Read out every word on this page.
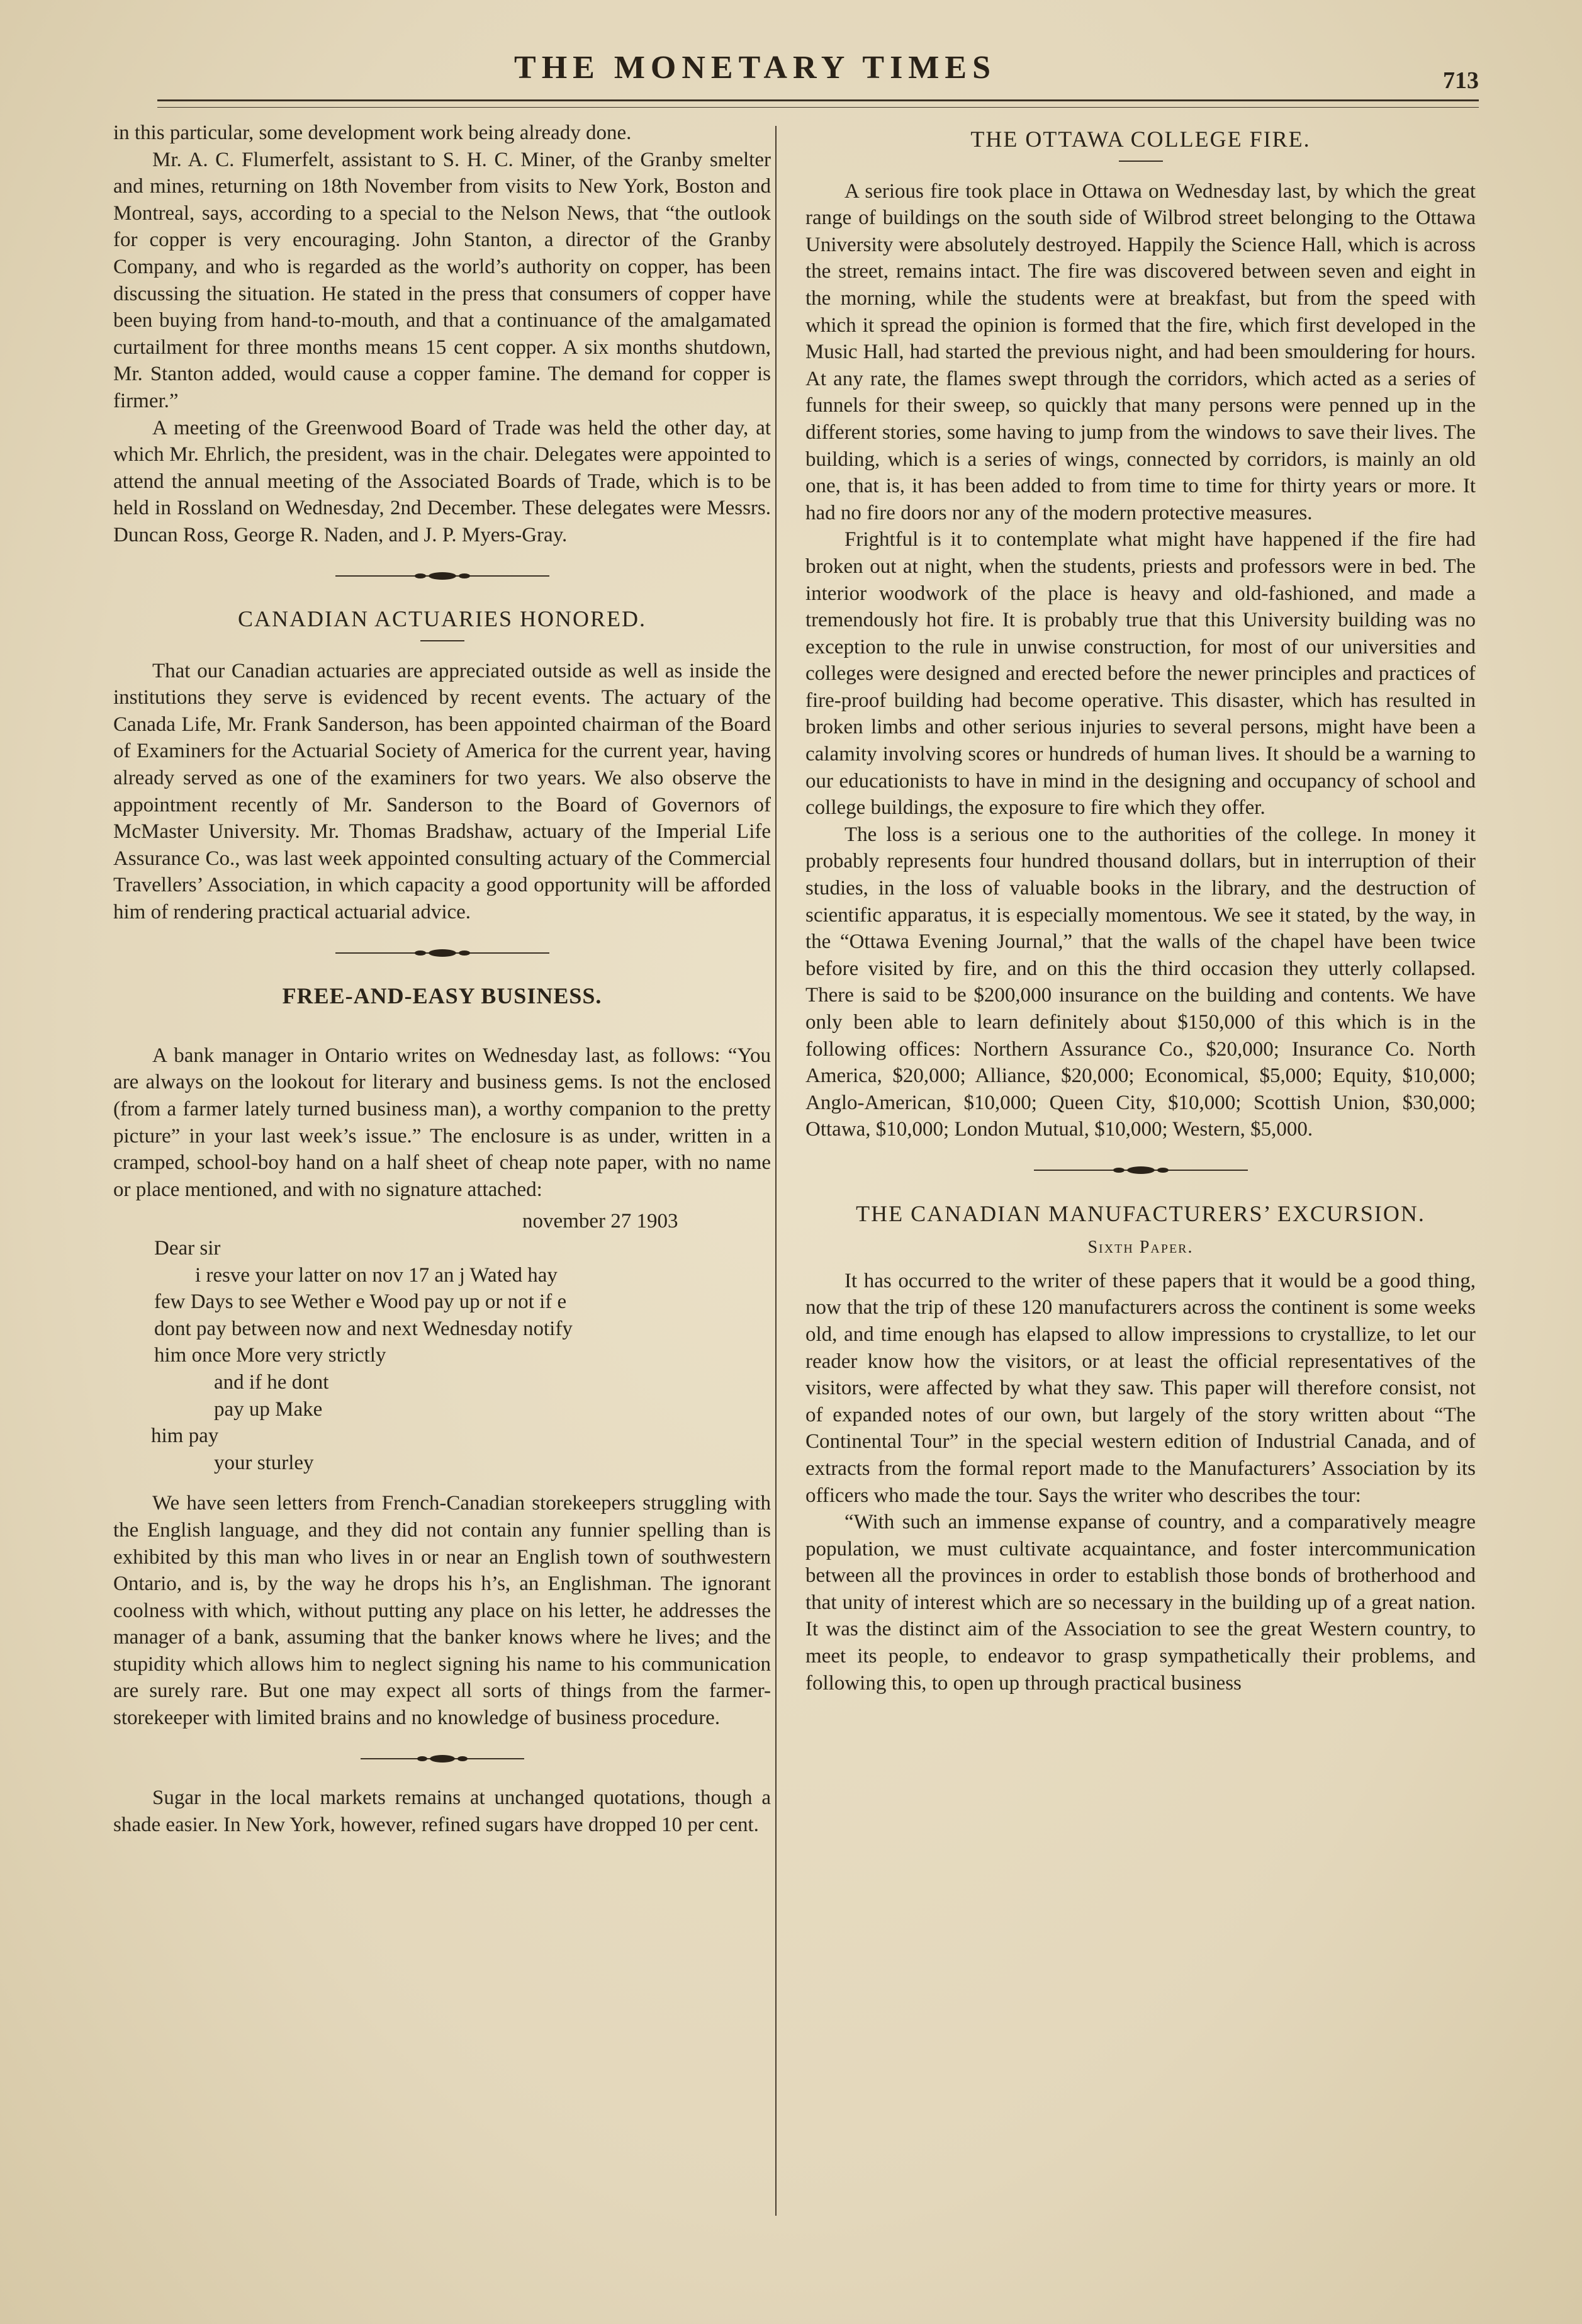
THE MONETARY TIMES	713

in this particular, some development work being already done.

Mr. A. C. Flumerfelt, assistant to S. H. C. Miner, of the Granby smelter and mines, returning on 18th November from visits to New York, Boston and Montreal, says, according to a special to the Nelson News, that “the outlook for copper is very encouraging. John Stanton, a director of the Granby Company, and who is regarded as the world’s authority on copper, has been discussing the situation. He stated in the press that consumers of copper have been buying from hand-to-mouth, and that a continuance of the amalgamated curtailment for three months means 15 cent copper. A six months shutdown, Mr. Stanton added, would cause a copper famine. The demand for copper is firmer.”

A meeting of the Greenwood Board of Trade was held the other day, at which Mr. Ehrlich, the president, was in the chair. Delegates were appointed to attend the annual meeting of the Associated Boards of Trade, which is to be held in Rossland on Wednesday, 2nd December. These delegates were Messrs. Duncan Ross, George R. Naden, and J. P. Myers-Gray.

CANADIAN ACTUARIES HONORED.

That our Canadian actuaries are appreciated outside as well as inside the institutions they serve is evidenced by recent events. The actuary of the Canada Life, Mr. Frank Sanderson, has been appointed chairman of the Board of Examiners for the Actuarial Society of America for the current year, having already served as one of the examiners for two years. We also observe the appointment recently of Mr. Sanderson to the Board of Governors of McMaster University. Mr. Thomas Bradshaw, actuary of the Imperial Life Assurance Co., was last week appointed consulting actuary of the Commercial Travellers’ Association, in which capacity a good opportunity will be afforded him of rendering practical actuarial advice.

FREE-AND-EASY BUSINESS.

A bank manager in Ontario writes on Wednesday last, as follows: “You are always on the lookout for literary and business gems. Is not the enclosed (from a farmer lately turned business man), a worthy companion to the pretty picture” in your last week’s issue.” The enclosure is as under, written in a cramped, school-boy hand on a half sheet of cheap note paper, with no name or place mentioned, and with no signature attached:

november 27 1903
Dear sir
i resve your latter on nov 17 an j Wated hay
few Days to see Wether e Wood pay up or not if e
dont pay between now and next Wednesday notify
him once More very strictly
and if he dont
pay up Make
him pay
your sturley

We have seen letters from French-Canadian storekeepers struggling with the English language, and they did not contain any funnier spelling than is exhibited by this man who lives in or near an English town of southwestern Ontario, and is, by the way he drops his h’s, an Englishman. The ignorant coolness with which, without putting any place on his letter, he addresses the manager of a bank, assuming that the banker knows where he lives; and the stupidity which allows him to neglect signing his name to his communication are surely rare. But one may expect all sorts of things from the farmer-storekeeper with limited brains and no knowledge of business procedure.

Sugar in the local markets remains at unchanged quotations, though a shade easier. In New York, however, refined sugars have dropped 10 per cent.

THE OTTAWA COLLEGE FIRE.

A serious fire took place in Ottawa on Wednesday last, by which the great range of buildings on the south side of Wilbrod street belonging to the Ottawa University were absolutely destroyed. Happily the Science Hall, which is across the street, remains intact. The fire was discovered between seven and eight in the morning, while the students were at breakfast, but from the speed with which it spread the opinion is formed that the fire, which first developed in the Music Hall, had started the previous night, and had been smouldering for hours. At any rate, the flames swept through the corridors, which acted as a series of funnels for their sweep, so quickly that many persons were penned up in the different stories, some having to jump from the windows to save their lives. The building, which is a series of wings, connected by corridors, is mainly an old one, that is, it has been added to from time to time for thirty years or more. It had no fire doors nor any of the modern protective measures.

Frightful is it to contemplate what might have happened if the fire had broken out at night, when the students, priests and professors were in bed. The interior woodwork of the place is heavy and old-fashioned, and made a tremendously hot fire. It is probably true that this University building was no exception to the rule in unwise construction, for most of our universities and colleges were designed and erected before the newer principles and practices of fire-proof building had become operative. This disaster, which has resulted in broken limbs and other serious injuries to several persons, might have been a calamity involving scores or hundreds of human lives. It should be a warning to our educationists to have in mind in the designing and occupancy of school and college buildings, the exposure to fire which they offer.

The loss is a serious one to the authorities of the college. In money it probably represents four hundred thousand dollars, but in interruption of their studies, in the loss of valuable books in the library, and the destruction of scientific apparatus, it is especially momentous. We see it stated, by the way, in the “Ottawa Evening Journal,” that the walls of the chapel have been twice before visited by fire, and on this the third occasion they utterly collapsed. There is said to be $200,000 insurance on the building and contents. We have only been able to learn definitely about $150,000 of this which is in the following offices: Northern Assurance Co., $20,000; Insurance Co. North America, $20,000; Alliance, $20,000; Economical, $5,000; Equity, $10,000; Anglo-American, $10,000; Queen City, $10,000; Scottish Union, $30,000; Ottawa, $10,000; London Mutual, $10,000; Western, $5,000.

THE CANADIAN MANUFACTURERS’ EXCURSION.
Sixth Paper.

It has occurred to the writer of these papers that it would be a good thing, now that the trip of these 120 manufacturers across the continent is some weeks old, and time enough has elapsed to allow impressions to crystallize, to let our reader know how the visitors, or at least the official representatives of the visitors, were affected by what they saw. This paper will therefore consist, not of expanded notes of our own, but largely of the story written about “The Continental Tour” in the special western edition of Industrial Canada, and of extracts from the formal report made to the Manufacturers’ Association by its officers who made the tour. Says the writer who describes the tour:

“With such an immense expanse of country, and a comparatively meagre population, we must cultivate acquaintance, and foster intercommunication between all the provinces in order to establish those bonds of brotherhood and that unity of interest which are so necessary in the building up of a great nation. It was the distinct aim of the Association to see the great Western country, to meet its people, to endeavor to grasp sympathetically their problems, and following this, to open up through practical business
